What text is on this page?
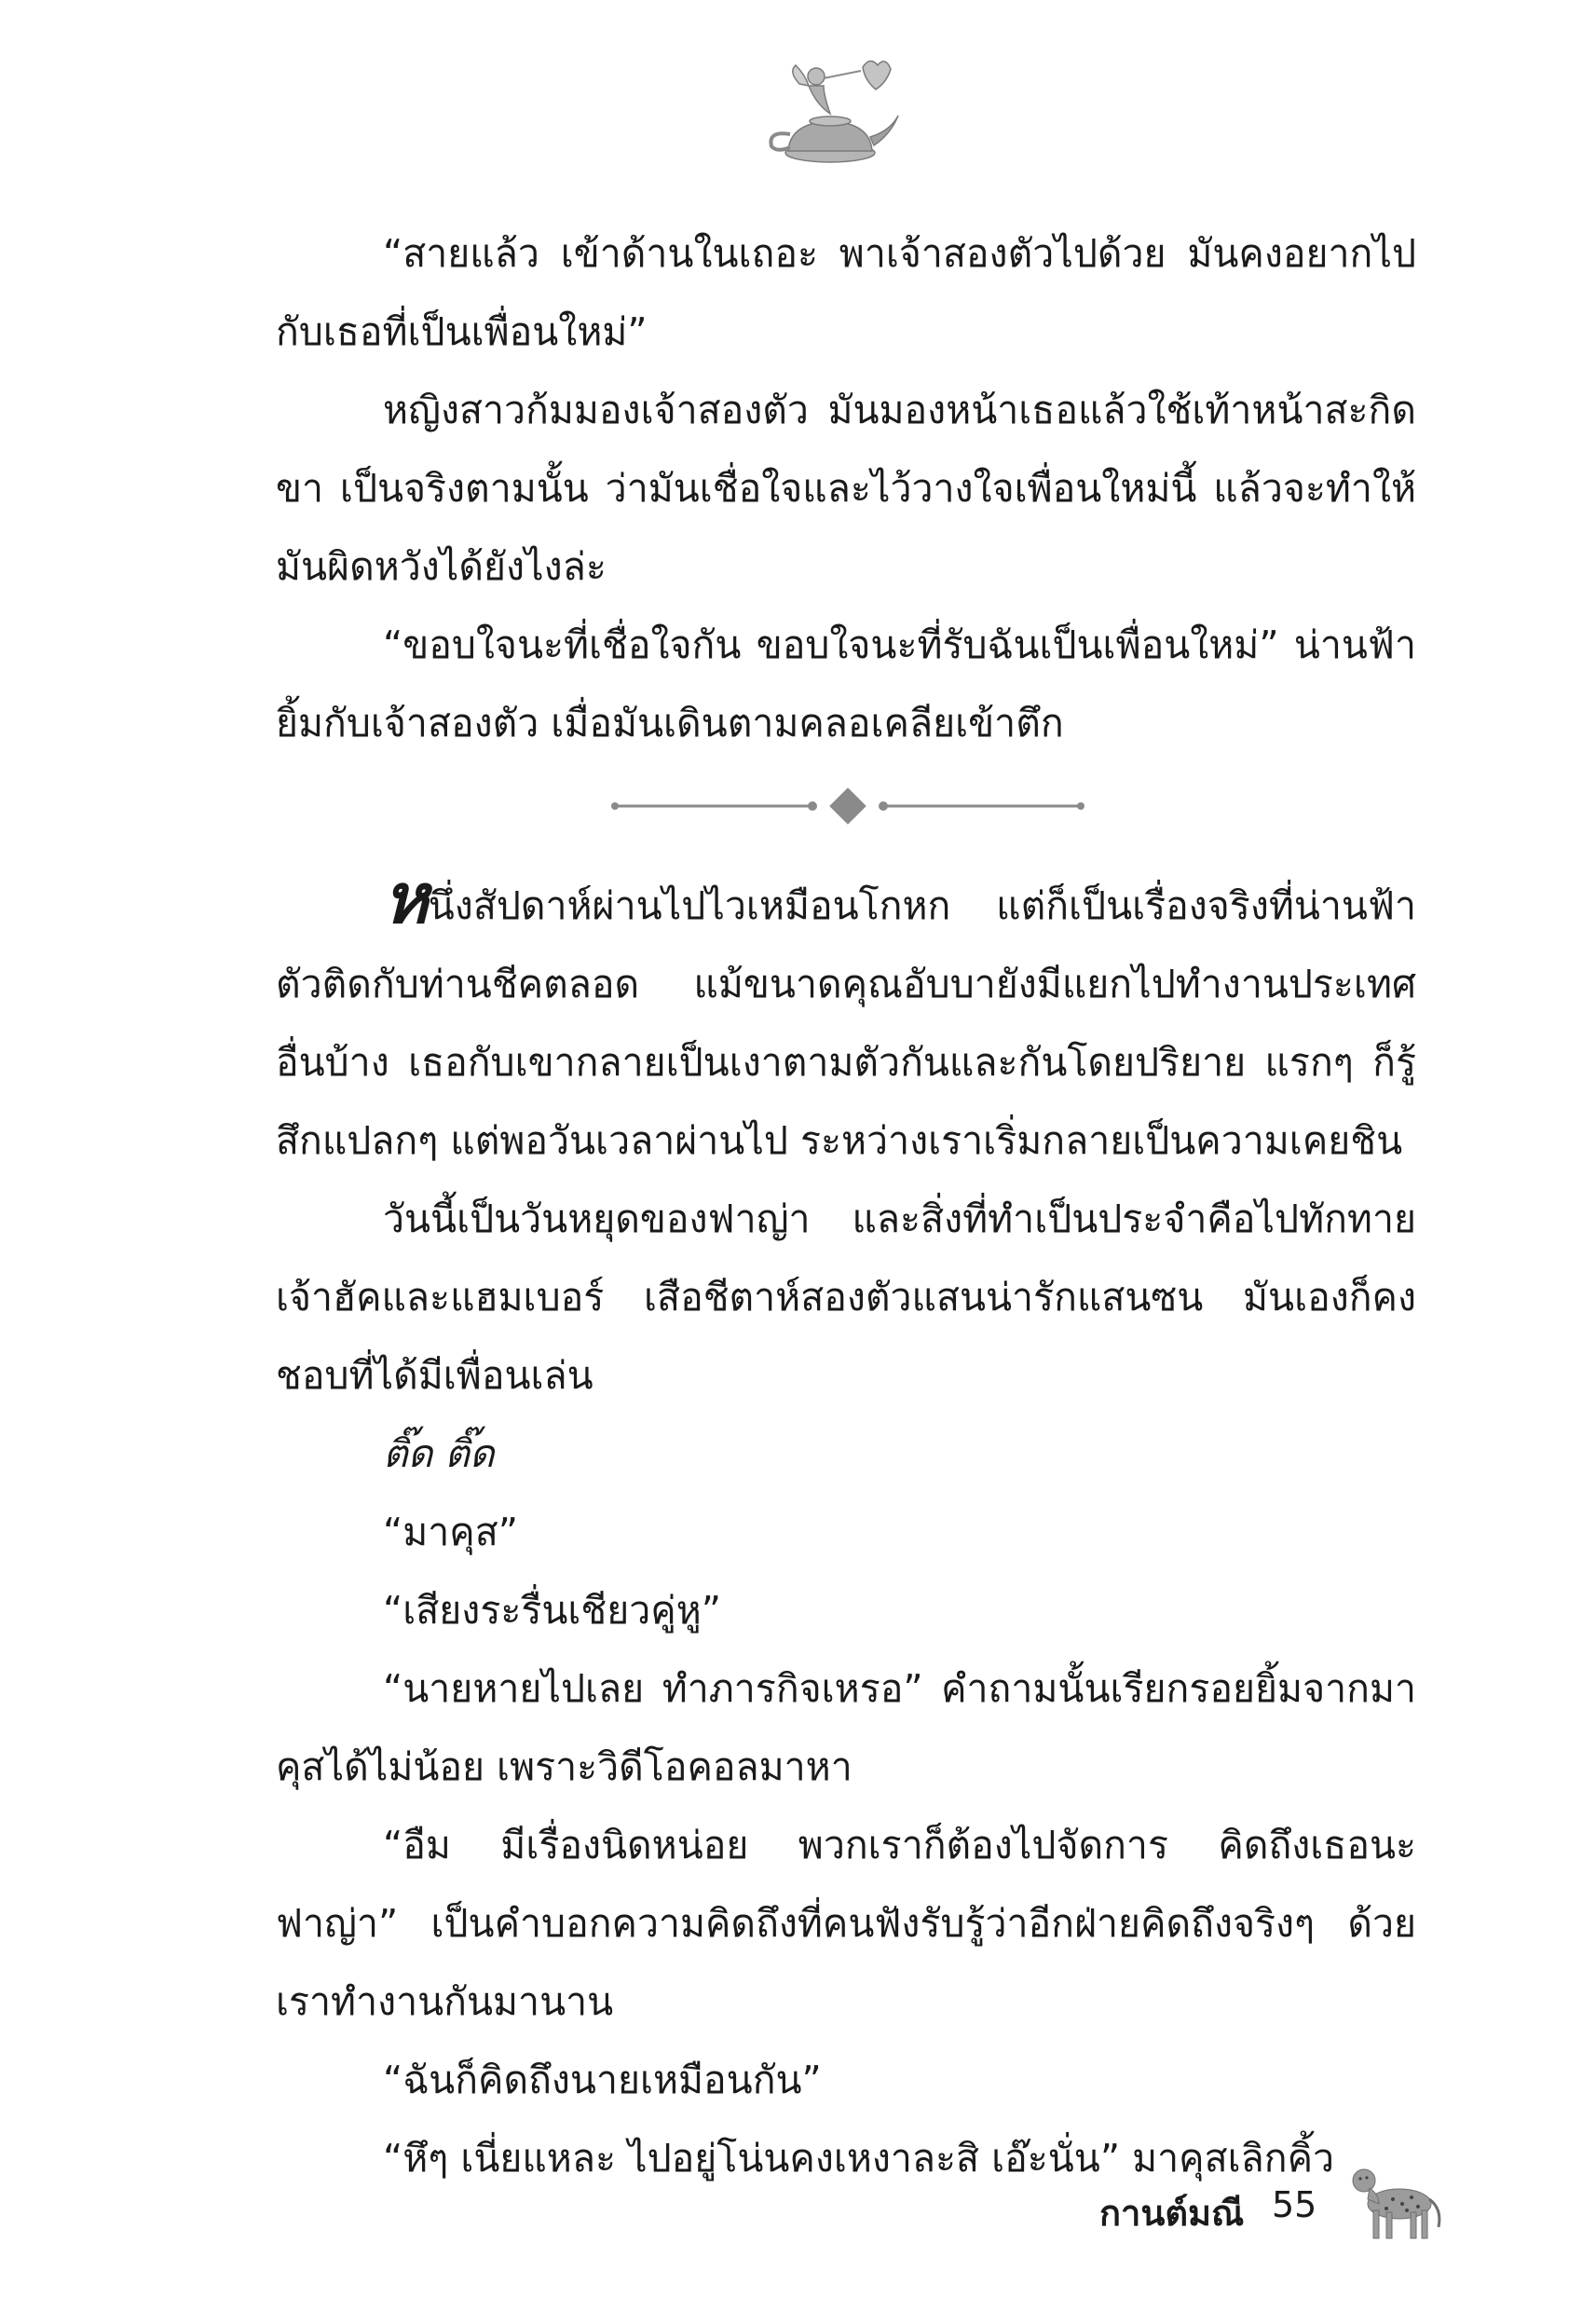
“สายแล้ว เข้าด้านในเถอะ พาเจ้าสองตัวไปด้วย มันคงอยากไปกับเธอที่เป็นเพื่อนใหม่”

หญิงสาวก้มมองเจ้าสองตัว มันมองหน้าเธอแล้วใช้เท้าหน้าสะกิดขา เป็นจริงตามนั้น ว่ามันเชื่อใจและไว้วางใจเพื่อนใหม่นี้ แล้วจะทำให้มันผิดหวังได้ยังไงล่ะ

“ขอบใจนะที่เชื่อใจกัน ขอบใจนะที่รับฉันเป็นเพื่อนใหม่” น่านฟ้ายิ้มกับเจ้าสองตัว เมื่อมันเดินตามคลอเคลียเข้าตึก

หนึ่งสัปดาห์ผ่านไปไวเหมือนโกหก แต่ก็เป็นเรื่องจริงที่น่านฟ้าตัวติดกับท่านชีคตลอด แม้ขนาดคุณอับบายังมีแยกไปทำงานประเทศอื่นบ้าง เธอกับเขากลายเป็นเงาตามตัวกันและกันโดยปริยาย แรกๆ ก็รู้สึกแปลกๆ แต่พอวันเวลาผ่านไป ระหว่างเราเริ่มกลายเป็นความเคยชิน

วันนี้เป็นวันหยุดของฟาญ่า และสิ่งที่ทำเป็นประจำคือไปทักทายเจ้าฮัคและแฮมเบอร์ เสือชีตาห์สองตัวแสนน่ารักแสนซน มันเองก็คงชอบที่ได้มีเพื่อนเล่น

ติ๊ด ติ๊ด

“มาคุส”

“เสียงระรื่นเชียวคู่หู”

“นายหายไปเลย ทำภารกิจเหรอ” คำถามนั้นเรียกรอยยิ้มจากมาคุสได้ไม่น้อย เพราะวิดีโอคอลมาหา

“อืม มีเรื่องนิดหน่อย พวกเราก็ต้องไปจัดการ คิดถึงเธอนะฟาญ่า” เป็นคำบอกความคิดถึงที่คนฟังรับรู้ว่าอีกฝ่ายคิดถึงจริงๆ ด้วยเราทำงานกันมานาน

“ฉันก็คิดถึงนายเหมือนกัน”

“หึๆ เนี่ยแหละ ไปอยู่โน่นคงเหงาละสิ เอ๊ะนั่น” มาคุสเลิกคิ้ว

กานต์มณี 55
